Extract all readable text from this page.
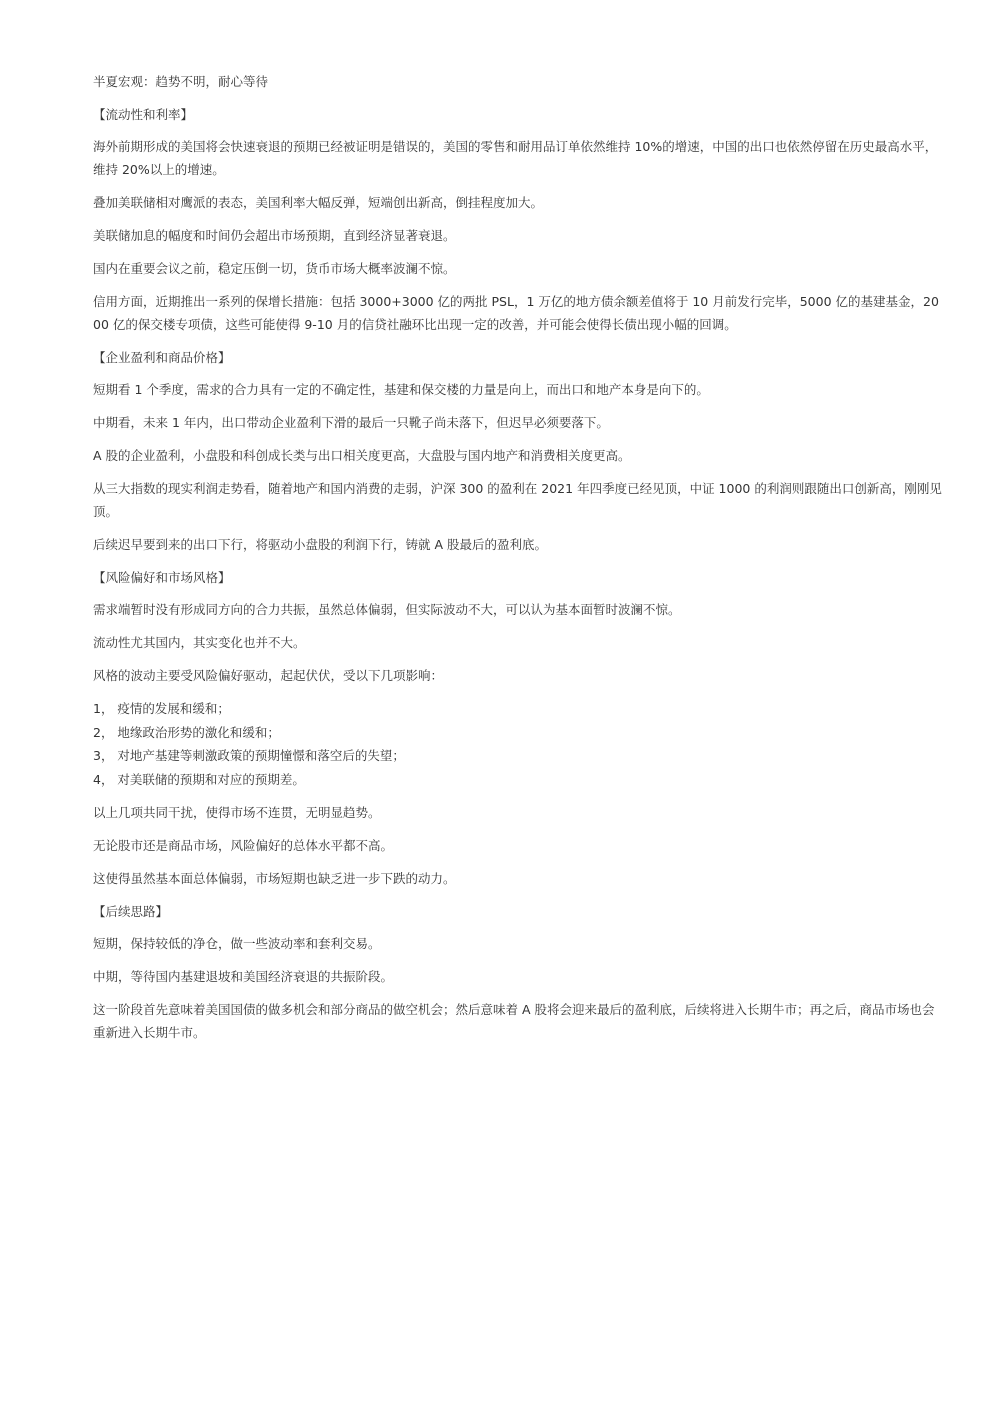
半夏宏观：趋势不明，耐心等待

【流动性和利率】

海外前期形成的美国将会快速衰退的预期已经被证明是错误的，美国的零售和耐用品订单依然维持 10%的增速，中国的出口也依然停留在历史最高水平，维持 20%以上的增速。

叠加美联储相对鹰派的表态，美国利率大幅反弹，短端创出新高，倒挂程度加大。

美联储加息的幅度和时间仍会超出市场预期，直到经济显著衰退。

国内在重要会议之前，稳定压倒一切，货币市场大概率波澜不惊。

信用方面，近期推出一系列的保增长措施：包括 3000+3000 亿的两批 PSL，1 万亿的地方债余额差值将于 10 月前发行完毕，5000 亿的基建基金，2000 亿的保交楼专项债，这些可能使得 9-10 月的信贷社融环比出现一定的改善，并可能会使得长债出现小幅的回调。

【企业盈利和商品价格】

短期看 1 个季度，需求的合力具有一定的不确定性，基建和保交楼的力量是向上，而出口和地产本身是向下的。

中期看，未来 1 年内，出口带动企业盈利下滑的最后一只靴子尚未落下，但迟早必须要落下。

A 股的企业盈利，小盘股和科创成长类与出口相关度更高，大盘股与国内地产和消费相关度更高。

从三大指数的现实利润走势看，随着地产和国内消费的走弱，沪深 300 的盈利在 2021 年四季度已经见顶，中证 1000 的利润则跟随出口创新高，刚刚见顶。

后续迟早要到来的出口下行，将驱动小盘股的利润下行，铸就 A 股最后的盈利底。

【风险偏好和市场风格】

需求端暂时没有形成同方向的合力共振，虽然总体偏弱，但实际波动不大，可以认为基本面暂时波澜不惊。

流动性尤其国内，其实变化也并不大。

风格的波动主要受风险偏好驱动，起起伏伏，受以下几项影响：

1， 疫情的发展和缓和；

2， 地缘政治形势的激化和缓和；

3， 对地产基建等刺激政策的预期憧憬和落空后的失望；

4， 对美联储的预期和对应的预期差。

以上几项共同干扰，使得市场不连贯，无明显趋势。

无论股市还是商品市场，风险偏好的总体水平都不高。

这使得虽然基本面总体偏弱，市场短期也缺乏进一步下跌的动力。

【后续思路】

短期，保持较低的净仓，做一些波动率和套利交易。

中期，等待国内基建退坡和美国经济衰退的共振阶段。

这一阶段首先意味着美国国债的做多机会和部分商品的做空机会；然后意味着 A 股将会迎来最后的盈利底，后续将进入长期牛市；再之后，商品市场也会重新进入长期牛市。
